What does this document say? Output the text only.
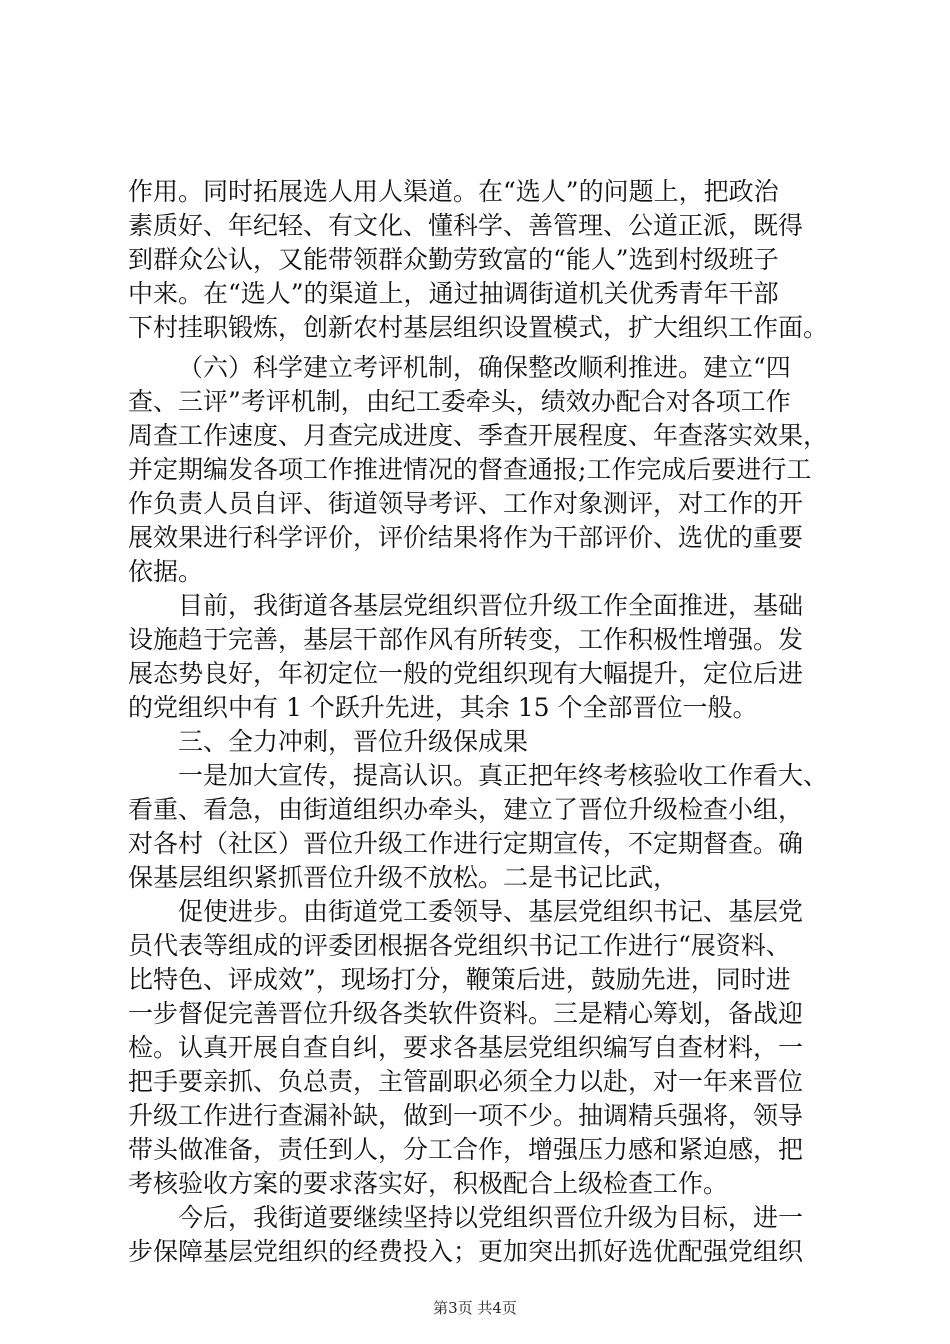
作用。同时拓展选人用人渠道。在“选人”的问题上，把政治
素质好、年纪轻、有文化、懂科学、善管理、公道正派，既得
到群众公认，又能带领群众勤劳致富的“能人”选到村级班子
中来。在“选人”的渠道上，通过抽调街道机关优秀青年干部
下村挂职锻炼，创新农村基层组织设置模式，扩大组织工作面。
（六）科学建立考评机制，确保整改顺利推进。建立“四
查、三评”考评机制，由纪工委牵头，绩效办配合对各项工作
周查工作速度、月查完成进度、季查开展程度、年查落实效果，
并定期编发各项工作推进情况的督查通报;工作完成后要进行工
作负责人员自评、街道领导考评、工作对象测评，对工作的开
展效果进行科学评价，评价结果将作为干部评价、选优的重要
依据。
目前，我街道各基层党组织晋位升级工作全面推进，基础
设施趋于完善，基层干部作风有所转变，工作积极性增强。发
展态势良好，年初定位一般的党组织现有大幅提升，定位后进
的党组织中有 1 个跃升先进，其余 15 个全部晋位一般。
三、全力冲刺，晋位升级保成果
一是加大宣传，提高认识。真正把年终考核验收工作看大、
看重、看急，由街道组织办牵头，建立了晋位升级检查小组，
对各村（社区）晋位升级工作进行定期宣传，不定期督查。确
保基层组织紧抓晋位升级不放松。二是书记比武，
促使进步。由街道党工委领导、基层党组织书记、基层党
员代表等组成的评委团根据各党组织书记工作进行“展资料、
比特色、评成效”，现场打分，鞭策后进，鼓励先进，同时进
一步督促完善晋位升级各类软件资料。三是精心筹划，备战迎
检。认真开展自查自纠，要求各基层党组织编写自查材料，一
把手要亲抓、负总责，主管副职必须全力以赴，对一年来晋位
升级工作进行查漏补缺，做到一项不少。抽调精兵强将，领导
带头做准备，责任到人，分工合作，增强压力感和紧迫感，把
考核验收方案的要求落实好，积极配合上级检查工作。
今后，我街道要继续坚持以党组织晋位升级为目标，进一
步保障基层党组织的经费投入；更加突出抓好选优配强党组织
第3页 共4页
